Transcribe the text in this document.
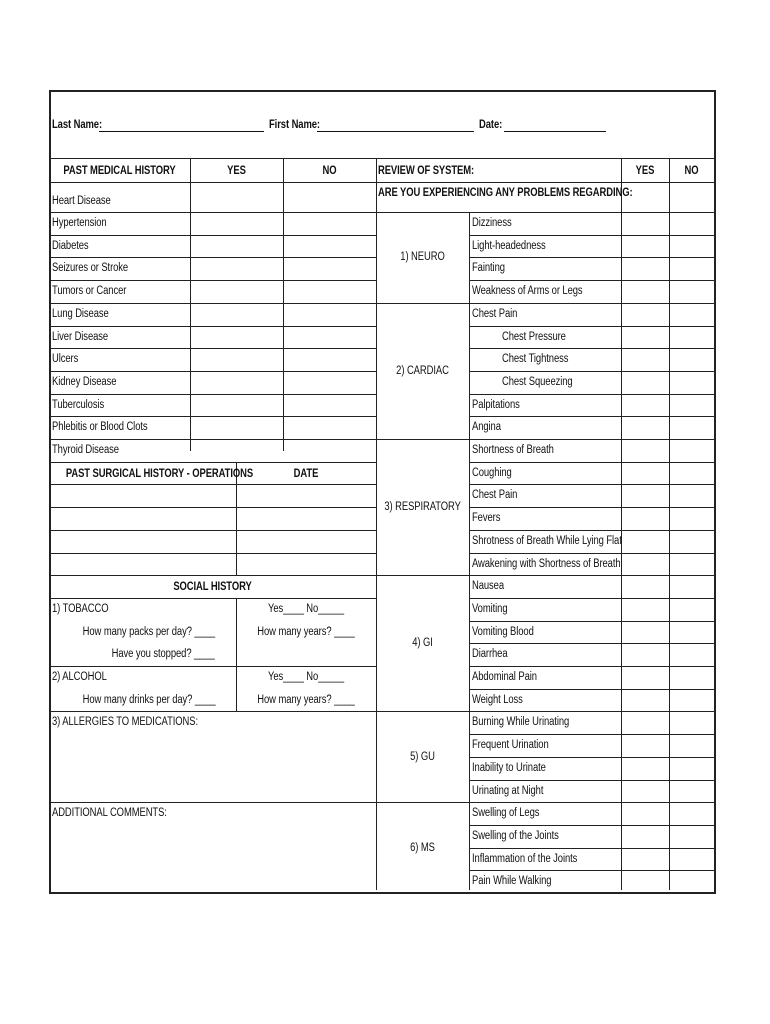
Last Name:	First Name:	Date:
PAST MEDICAL HISTORY	YES	NO
Heart Disease
Hypertension
Diabetes
Seizures or Stroke
Tumors or Cancer
Lung Disease
Liver Disease
Ulcers
Kidney Disease
Tuberculosis
Phlebitis or Blood Clots
Thyroid Disease
PAST SURGICAL HISTORY - OPERATIONS	DATE
SOCIAL HISTORY
1) TOBACCO	Yes____ No_____
How many packs per day? ____	How many years? ____
Have you stopped? ____
2) ALCOHOL	Yes____ No_____
How many drinks per day? ____	How many years? ____
3) ALLERGIES TO MEDICATIONS:
ADDITIONAL COMMENTS:
REVIEW OF SYSTEM:
ARE YOU EXPERIENCING ANY PROBLEMS REGARDING:
YES	NO
Dizziness
Light-headedness
Fainting
Weakness of Arms or Legs
1) NEURO
Chest Pain
Chest Pressure
Chest Tightness
Chest Squeezing
Palpitations
Angina
2) CARDIAC
Shortness of Breath
Coughing
Chest Pain
Fevers
Shrotness of Breath While Lying Flat
Awakening with Shortness of Breath
3) RESPIRATORY
Nausea
Vomiting
Vomiting Blood
Diarrhea
Abdominal Pain
Weight Loss
4) GI
Burning While Urinating
Frequent Urination
Inability to Urinate
Urinating at Night
5) GU
Swelling of Legs
Swelling of the Joints
Inflammation of the Joints
Pain While Walking
6) MS
